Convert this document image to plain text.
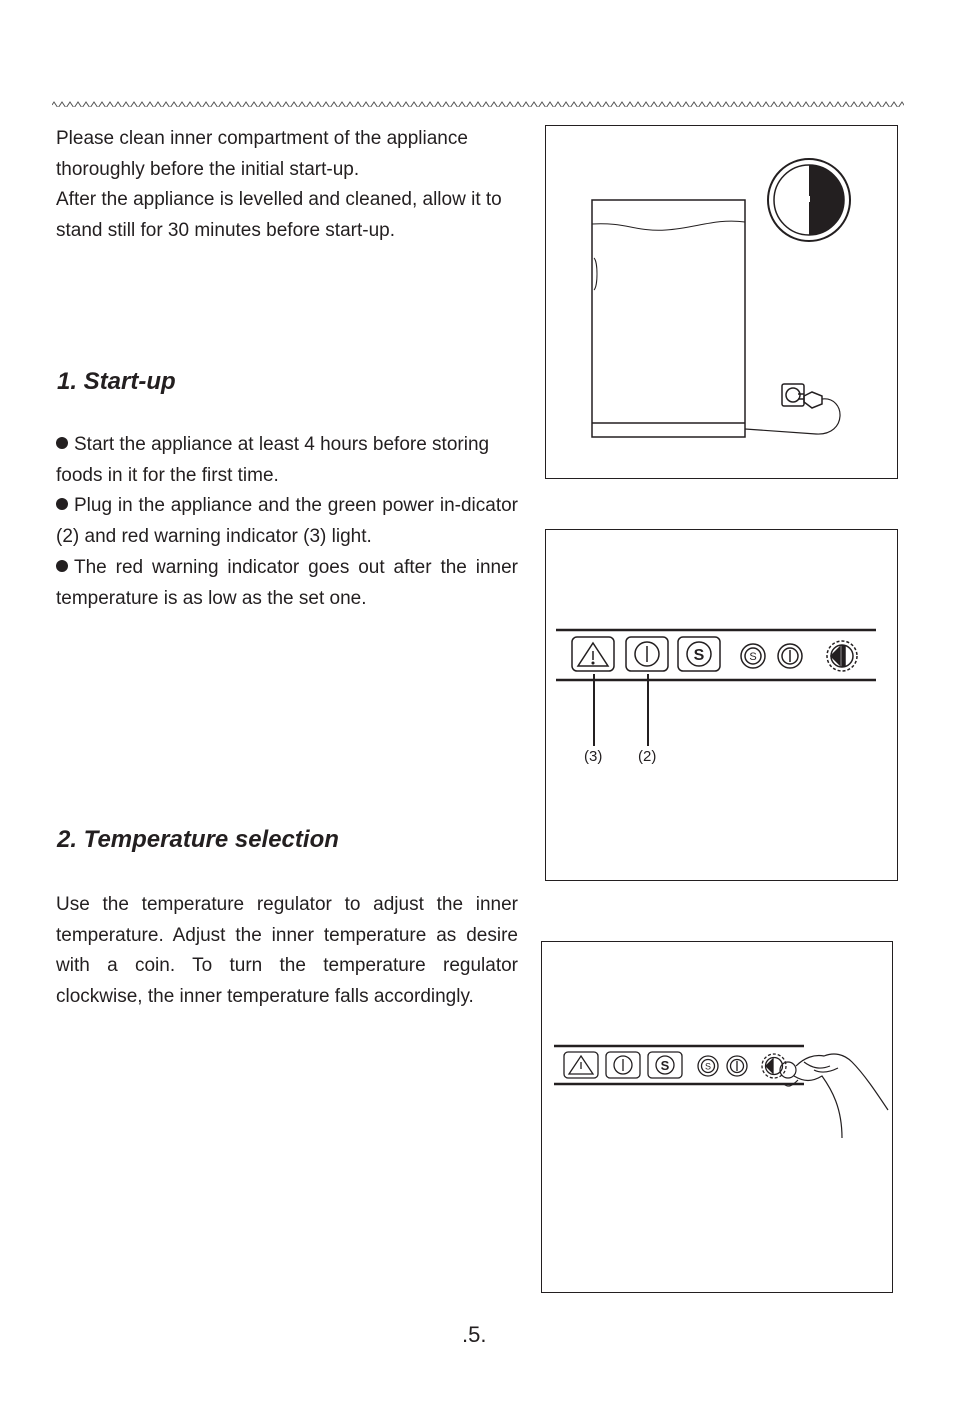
Please clean inner compartment of the appliance thoroughly before the initial start-up.

After the appliance is levelled and cleaned, allow it to stand still for 30 minutes before start-up.

1. Start-up

Start the appliance at least 4 hours before storing foods in it for the first time.

Plug in the appliance and the green power in-dicator (2) and red warning indicator (3) light.

The red warning indicator goes out after the inner temperature is as low as the set one.

2. Temperature selection

Use the temperature regulator to adjust the inner temperature. Adjust the inner temperature as desire with a coin. To turn the temperature regulator clockwise, the inner temperature falls accordingly.

S	S
(3) (2)
S	S
.5.
